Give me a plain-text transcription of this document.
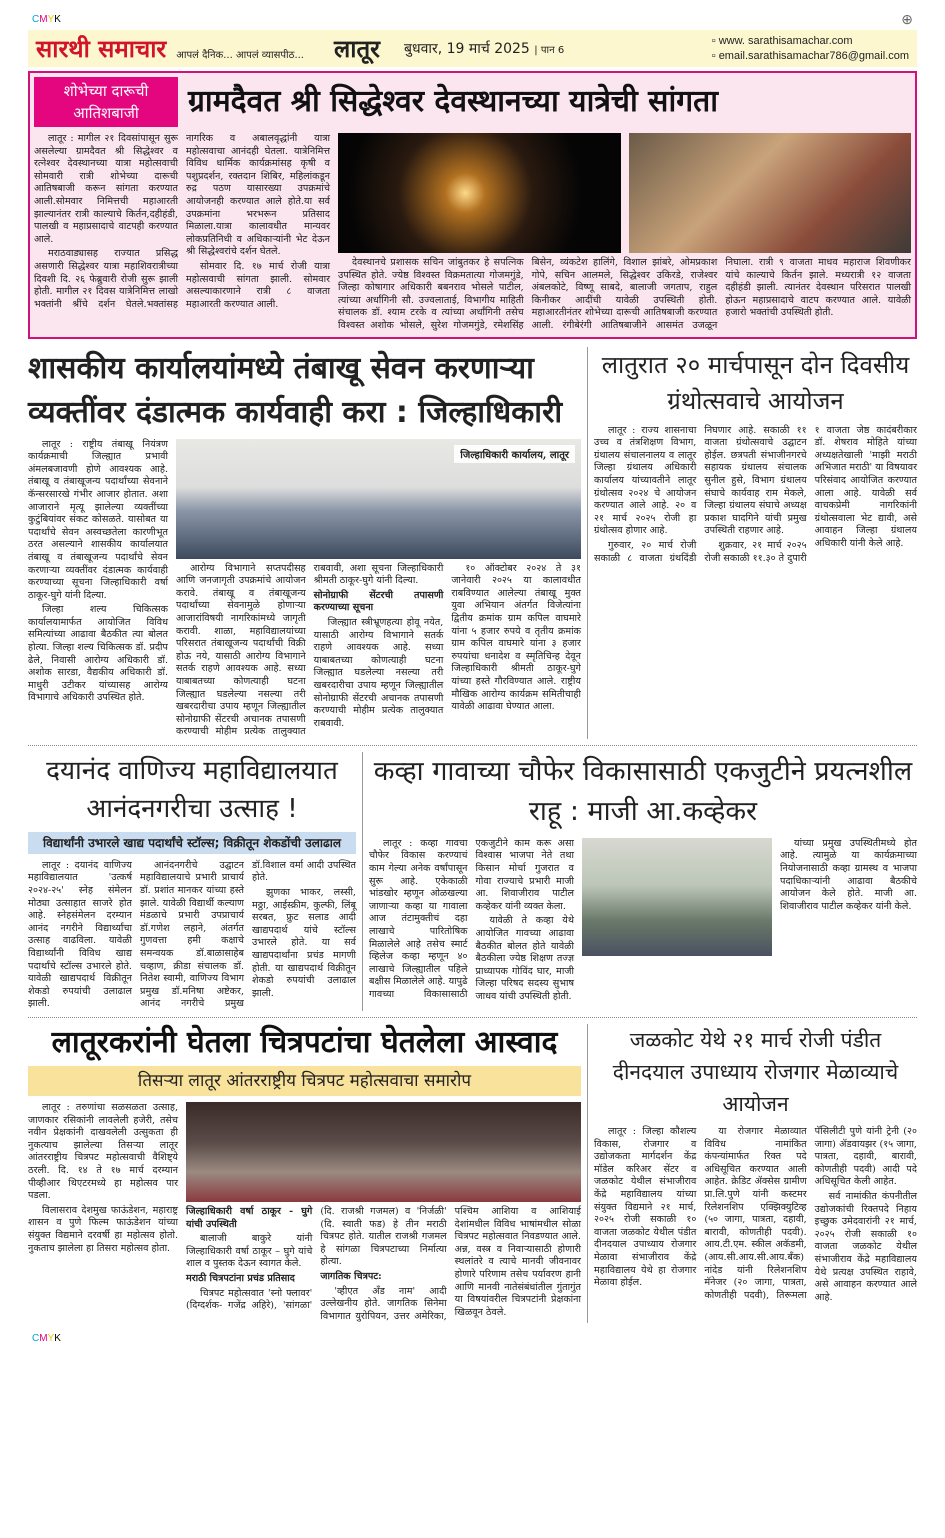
CMYK	⊕
सारथी समाचार आपलं दैनिक... आपलं व्यासपीठ... लातूर बुधवार, 19 मार्च 2025 | पान 6
▫ www. sarathisamachar.com
▫ email.sarathisamachar786@gmail.com
शोभेच्या दारूची आतिशबाजी	ग्रामदैवत श्री सिद्धेश्वर देवस्थानच्या यात्रेची सांगता

लातूर : मागील २१ दिवसांपासून सुरू असलेल्या ग्रामदैवत श्री सिद्धेश्वर व रत्नेश्वर देवस्थानच्या यात्रा महोत्सवाची सोमवारी रात्री शोभेच्या दारूची आतिषबाजी करून सांगता करण्यात आली.सोमवार निमित्तची महाआरती झाल्यानंतर रात्री काल्याचे किर्तन,दहीहंडी, पालखी व महाप्रसादाचे वाटपही करण्यात आले.

मराठवाड्यासह राज्यात प्रसिद्ध असणारी सिद्धेश्वर यात्रा महाशिवरात्रीच्या दिवशी दि. २६ फेब्रुवारी रोजी सुरू झाली होती. मागील २१ दिवस यात्रेनिमित्त लाखो भक्तांनी श्रींचे दर्शन घेतले.भक्तांसह नागरिक व अबालवृद्धांनी यात्रा महोत्सवाचा आनंदही घेतला. यात्रेनिमित्त विविध धार्मिक कार्यक्रमांसह कृषी व पशुप्रदर्शन, रक्तदान शिबिर, महिलांकडून रुद्र पठण यासारख्या उपक्रमांचे आयोजनही करण्यात आले होते.या सर्व उपक्रमांना भरभरून प्रतिसाद मिळाला.यात्रा कालावधीत मान्यवर लोकप्रतिनिधी व अधिकाऱ्यांनी भेट देऊन श्री सिद्धेश्वरांचे दर्शन घेतले.

सोमवार दि. १७ मार्च रोजी यात्रा महोत्सवाची सांगता झाली. सोमवार असल्याकारणाने रात्री ८ वाजता महाआरती करण्यात आली.

देवस्थानचे प्रशासक सचिन जांबुतकर हे सपत्निक उपस्थित होते. ज्येष्ठ विश्वस्त विक्रमतात्या गोजमगुंडे, जिल्हा कोषागार अधिकारी बबनराव भोसले पाटील, त्यांच्या अर्धांगिनी सौ. उज्वलाताई, विभागीय माहिती संचालक डॉ. श्याम टरके व त्यांच्या अर्धांगिनी तसेच विश्वस्त अशोक भोसले, सुरेश गोजमगुंडे, रमेशसिंह बिसेन, व्यंकटेश हालिंगे, विशाल झांबरे, ओमप्रकाश गोपे, सचिन आलमले, सिद्धेश्वर उकिरडे, राजेश्वर अंबलकोटे, विष्णू साबदे, बालाजी जगताप, राहुल किनीकर आदींची यावेळी उपस्थिती होती. महाआरतीनंतर शोभेच्या दारूची आतिषबाजी करण्यात आली. रंगीबेरंगी आतिषबाजीने आसमंत उजळून निघाला. रात्री ९ वाजता माधव महाराज शिवणीकर यांचे काल्याचे किर्तन झाले. मध्यरात्री १२ वाजता दहीहंडी झाली. त्यानंतर देवस्थान परिसरात पालखी होऊन महाप्रसादाचे वाटप करण्यात आले. यावेळी हजारो भक्तांची उपस्थिती होती.

शासकीय कार्यालयांमध्ये तंबाखू सेवन करणाऱ्या
व्यक्तींवर दंडात्मक कार्यवाही करा : जिल्हाधिकारी

लातूर : राष्ट्रीय तंबाखू नियंत्रण कार्यक्रमाची जिल्ह्यात प्रभावी अंमलबजावणी होणे आवश्यक आहे. तंबाखू व तंबाखूजन्य पदार्थांच्या सेवनाने कॅन्सरसारखे गंभीर आजार होतात. अशा आजाराने मृत्यू झालेल्या व्यक्तींच्या कुटुंबियांवर संकट कोसळते. यासोबत या पदार्थांचे सेवन अस्वच्छतेला कारणीभूत ठरत असल्याने शासकीय कार्यालयात तंबाखू व तंबाखूजन्य पदार्थांचे सेवन करणाऱ्या व्यक्तींवर दंडात्मक कार्यवाही करण्याच्या सूचना जिल्हाधिकारी वर्षा ठाकूर-घुगे यांनी दिल्या.

जिल्हा शल्य चिकित्सक कार्यालयामार्फत आयोजित विविध समित्यांच्या आढावा बैठकीत त्या बोलत होत्या. जिल्हा शल्य चिकित्सक डॉ. प्रदीप ढेले, निवासी आरोग्य अधिकारी डॉ. अशोक सारडा, वैद्यकीय अधिकारी डॉ. माधुरी उटीकर यांच्यासह आरोग्य विभागाचे अधिकारी उपस्थित होते.

जिल्हाधिकारी कार्यालय, लातूर

आरोग्य विभागाने सप्तपदीसह आणि जनजागृती उपक्रमांचे आयोजन करावे. तंबाखू व तंबाखूजन्य पदार्थांच्या सेवनामुळे होणाऱ्या आजारांविषयी नागरिकांमध्ये जागृती करावी. शाळा, महाविद्यालयांच्या परिसरात तंबाखूजन्य पदार्थांची विक्री होऊ नये, यासाठी आरोग्य विभागाने सतर्क राहणे आवश्यक आहे. सध्या याबाबतच्या कोणत्याही घटना जिल्ह्यात घडलेल्या नसल्या तरी खबरदारीचा उपाय म्हणून जिल्ह्यातील सोनोग्राफी सेंटरची अचानक तपासणी करण्याची मोहीम प्रत्येक तालुक्यात राबवावी, अशा सूचना जिल्हाधिकारी श्रीमती ठाकूर-घुगे यांनी दिल्या.

सोनोग्राफी सेंटरची तपासणी करण्याच्या सूचना

जिल्ह्यात स्त्रीभ्रूणहत्या होवू नयेत, यासाठी आरोग्य विभागाने सतर्क राहणे आवश्यक आहे. सध्या याबाबतच्या कोणत्याही घटना जिल्ह्यात घडलेल्या नसल्या तरी खबरदारीचा उपाय म्हणून जिल्ह्यातील सोनोग्राफी सेंटरची अचानक तपासणी करण्याची मोहीम प्रत्येक तालुक्यात राबवावी.

१० ऑक्टोबर २०२४ ते ३१ जानेवारी २०२५ या कालावधीत राबविण्यात आलेल्या तंबाखू मुक्त युवा अभियान अंतर्गत विजेत्यांना द्वितीय क्रमांक ग्राम कपिल वाघमारे यांना ५ हजार रुपये व तृतीय क्रमांक ग्राम कपिल वाघमारे यांना ३ हजार रुपयांचा धनादेश व स्मृतिचिन्ह देवून जिल्हाधिकारी श्रीमती ठाकूर-घुगे यांच्या हस्ते गौरविण्यात आले. राष्ट्रीय मौखिक आरोग्य कार्यक्रम समितीचाही यावेळी आढावा घेण्यात आला.

लातुरात २० मार्चपासून दोन दिवसीय ग्रंथोत्सवाचे आयोजन

लातूर : राज्य शासनाचा उच्च व तंत्रशिक्षण विभाग, ग्रंथालय संचालनालय व लातूर जिल्हा ग्रंथालय अधिकारी कार्यालय यांच्यावतीने लातूर ग्रंथोत्सव २०२४ चे आयोजन करण्यात आले आहे. २० व २१ मार्च २०२५ रोजी हा ग्रंथोत्सव होणार आहे.

गुरुवार, २० मार्च रोजी सकाळी ८ वाजता ग्रंथदिंडी निघणार आहे. सकाळी ११ वाजता ग्रंथोत्सवाचे उद्घाटन होईल. छत्रपती संभाजीनगरचे सहायक ग्रंथालय संचालक सुनील हुसे, विभाग ग्रंथालय संघाचे कार्यवाह राम मेकले, जिल्हा ग्रंथालय संघाचे अध्यक्ष प्रकाश घादगिने यांची प्रमुख उपस्थिती राहणार आहे.

शुक्रवार, २१ मार्च २०२५ रोजी सकाळी ११.३० ते दुपारी १ वाजता जेष्ठ कादंबरीकार डॉ. शेषराव मोहिते यांच्या अध्यक्षतेखाली 'माझी मराठी अभिजात मराठी' या विषयावर परिसंवाद आयोजित करण्यात आला आहे. यावेळी सर्व वाचकप्रेमी नागरिकांनी ग्रंथोत्सवाला भेट द्यावी, असे आवाहन जिल्हा ग्रंथालय अधिकारी यांनी केले आहे.

दयानंद वाणिज्य महाविद्यालयात आनंदनगरीचा उत्साह !
विद्यार्थांनी उभारले खाद्य पदार्थांचे स्टॉल्स; विक्रीतून शेकडोंची उलाढाल

लातूर : दयानंद वाणिज्य महाविद्यालयात 'उत्कर्ष २०२४-२५' स्नेह संमेलन मोठ्या उत्साहात साजरे होत आहे. स्नेहसंमेलन दरम्यान आनंद नगरीने विद्यार्थ्यांचा उत्साह वाढविला. यावेळी विद्यार्थ्यांनी विविध खाद्य पदार्थांचे स्टॉल्स उभारले होते. यावेळी खाद्यपदार्थ विक्रीतून शेकडो रुपयांची उलाढाल झाली.

आनंदनगरीचे उद्घाटन महाविद्यालयाचे प्रभारी प्राचार्य डॉ. प्रशांत मानकर यांच्या हस्ते झाले. यावेळी विद्यार्थी कल्याण मंडळाचे प्रभारी उपप्राचार्य डॉ.गणेश लहाने, अंतर्गत गुणवत्ता हमी कक्षाचे समन्वयक डॉ.बाळासाहेब चव्हाण, क्रीडा संचालक डॉ. नितेश स्वामी, वाणिज्य विभाग प्रमुख डॉ.मनिषा अष्टेकर, आनंद नगरीचे प्रमुख डॉ.विशाल वर्मा आदी उपस्थित होते.

झुणका भाकर, लस्सी, मठ्ठा, आईस्क्रीम, कुल्फी, लिंबू सरबत, फ्रुट सलाड आदी खाद्यपदार्थ यांचे स्टॉल्स उभारले होते. या सर्व खाद्यपदार्थांना प्रचंड मागणी होती. या खाद्यपदार्थ विक्रीतून शेकडो रुपयांची उलाढाल झाली.

कव्हा गावाच्या चौफेर विकासासाठी एकजुटीने प्रयत्नशील राहू : माजी आ.कव्हेकर

लातूर : कव्हा गावचा चौफेर विकास करण्याचं काम गेल्या अनेक वर्षांपासून सुरू आहे. एकेकाळी भांडखोर म्हणून ओळखल्या जाणाऱ्या कव्हा या गावाला आज तंटामुक्तीचं दहा लाखाचे पारितोषिक मिळालेले आहे तसेच स्मार्ट व्हिलेज कव्हा म्हणून ४० लाखाचे जिल्ह्यातील पहिले बक्षीस मिळालेले आहे. यापुढे गावच्या विकासासाठी एकजुटीने काम करू असा विश्वास भाजपा नेते तथा किसान मोर्चा गुजरात व गोवा राज्याचे प्रभारी माजी आ. शिवाजीराव पाटील कव्हेकर यांनी व्यक्त केला.

यावेळी ते कव्हा येथे आयोजित गावच्या आढावा बैठकीत बोलत होते यावेळी बैठकीला ज्येष्ठ शिक्षण तज्ज्ञ प्राध्यापक गोविंद घार, माजी जिल्हा परिषद सदस्य सुभाष जाधव यांची उपस्थिती होती.

यांच्या प्रमुख उपस्थितीमध्ये होत आहे. त्यामुळे या कार्यक्रमाच्या नियोजनासाठी कव्हा ग्रामस्थ व भाजपा पदाधिकाऱ्यांनी आढावा बैठकीचे आयोजन केले होते. माजी आ. शिवाजीराव पाटील कव्हेकर यांनी केले.

लातूरकरांनी घेतला चित्रपटांचा घेतलेला आस्वाद
तिसऱ्या लातूर आंतरराष्ट्रीय चित्रपट महोत्सवाचा समारोप

लातूर : तरुणांचा सळसळता उत्साह, जाणकार रसिकांनी लावलेली हजेरी, तसेच नवीन प्रेक्षकांनी दाखवलेली उत्सुकता ही नुकत्याच झालेल्या तिसऱ्या लातूर आंतरराष्ट्रीय चित्रपट महोत्सवाची वैशिष्ट्ये ठरली. दि. १४ ते १७ मार्च दरम्यान पीव्हीआर थिएटरमध्ये हा महोत्सव पार पडला.

विलासराव देशमुख फाऊंडेशन, महाराष्ट्र शासन व पुणे फिल्म फाऊंडेशन यांच्या संयुक्त विद्यमाने दरवर्षी हा महोत्सव होतो. नुकताच झालेला हा तिसरा महोत्सव होता.

जिल्हाधिकारी वर्षा ठाकूर - घुगे यांची उपस्थिती

बालाजी बाकुरे यांनी जिल्हाधिकारी वर्षा ठाकूर – घुगे यांचे शाल व पुस्तक देऊन स्वागत केले.

मराठी चित्रपटांना प्रचंड प्रतिसाद

चित्रपट महोत्सवात 'स्नो फ्लावर' (दिग्दर्शक- गजेंद्र अहिरे), 'सांगळा' (दि. राजश्री गजमल) व 'निर्जळी' (दि. स्वाती फड) हे तीन मराठी चित्रपट होते. यातील राजश्री गजमल हे सांगळा चित्रपटाच्या निर्मात्या होत्या.

जागतिक चित्रपट:

'व्हीएत ॲंड नाम' आदी उल्लेखनीय होते. जागतिक सिनेमा विभागात युरोपियन, उत्तर अमेरिका, पश्चिम आशिया व आशियाई देशांमधील विविध भाषांमधील सोळा चित्रपट महोत्सवात निवडण्यात आले. अन्न, वस्त्र व निवाऱ्यासाठी होणारी स्थलांतरे व त्याचे मानवी जीवनावर होणारे परिणाम तसेच पर्यावरण हानी आणि मानवी नातेसंबंधांतील गुंतागुंत या विषयांवरील चित्रपटांनी प्रेक्षकांना खिळवून ठेवले.

जळकोट येथे २१ मार्च रोजी पंडीत दीनदयाल उपाध्याय रोजगार मेळाव्याचे आयोजन

लातूर : जिल्हा कौशल्य विकास, रोजगार व उद्योजकता मार्गदर्शन केंद्र मॉडेल करिअर सेंटर व जळकोट येथील संभाजीराव केंद्रे महाविद्यालय यांच्या संयुक्त विद्यमाने २१ मार्च, २०२५ रोजी सकाळी १० वाजता जळकोट येथील पंडीत दीनदयाल उपाध्याय रोजगार मेळावा संभाजीराव केंद्रे महाविद्यालय येथे हा रोजगार मेळावा होईल.

या रोजगार मेळाव्यात विविध नामांकित कंपन्यांमार्फत रिक्त पदे अधिसूचित करण्यात आली आहेत. क्रेडिट ॲक्सेस ग्रामीण प्रा.लि.पुणे यांनी कस्टमर रिलेशनशिप एक्झिक्युटिव्ह (५० जागा, पात्रता, दहावी, बारावी, कोणतीही पदवी). आय.टी.एम. स्कील अकॅडमी, (आय.सी.आय.सी.आय.बँक) नांदेड यांनी रिलेशनशिप मॅनेजर (२० जागा, पात्रता, कोणतीही पदवी), तिरूमला पॅसिलीटी पुणे यांनी ट्रेनी (२० जागा) ॲडवायझर (१५ जागा, पात्रता, दहावी, बारावी, कोणतीही पदवी) आदी पदे अधिसूचित केली आहेत.

सर्व नामांकीत कंपनीतील उद्योजकांची रिक्तपदे निहाय इच्छुक उमेदवारांनी २१ मार्च, २०२५ रोजी सकाळी १० वाजता जळकोट येथील संभाजीराव केंद्रे महाविद्यालय येथे प्रत्यक्ष उपस्थित राहावे, असे आवाहन करण्यात आले आहे.

CMYK
